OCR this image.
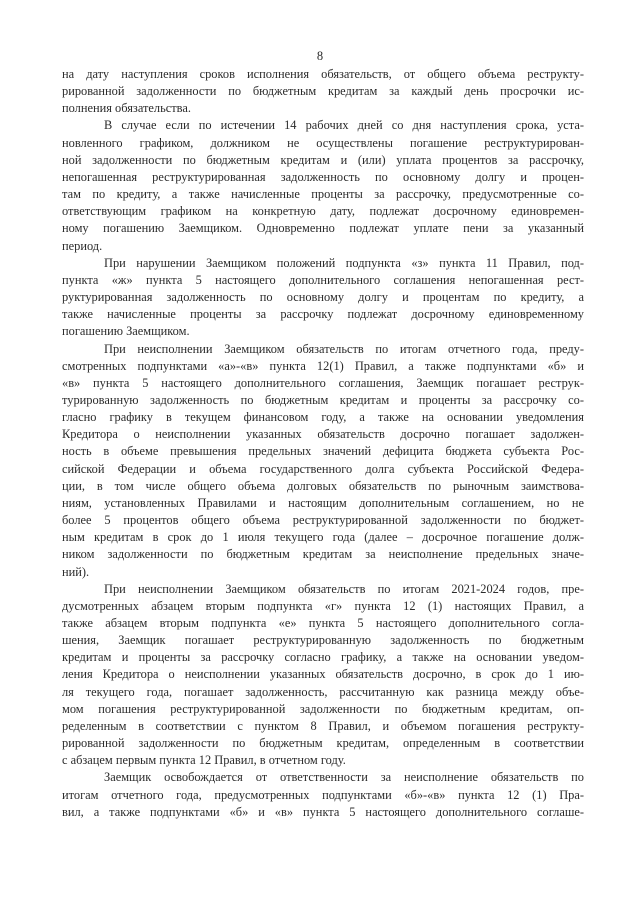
8

на дату наступления сроков исполнения обязательств, от общего объема реструкту-
рированной задолженности по бюджетным кредитам за каждый день просрочки ис-
полнения обязательства.

В случае если по истечении 14 рабочих дней со дня наступления срока, уста-
новленного графиком, должником не осуществлены погашение реструктурирован-
ной задолженности по бюджетным кредитам и (или) уплата процентов за рассрочку,
непогашенная реструктурированная задолженность по основному долгу и процен-
там по кредиту, а также начисленные проценты за рассрочку, предусмотренные со-
ответствующим графиком на конкретную дату, подлежат досрочному единовремен-
ному погашению Заемщиком. Одновременно подлежат уплате пени за указанный
период.

При нарушении Заемщиком положений подпункта «з» пункта 11 Правил, под-
пункта «ж» пункта 5 настоящего дополнительного соглашения непогашенная рест-
руктурированная задолженность по основному долгу и процентам по кредиту, а
также начисленные проценты за рассрочку подлежат досрочному единовременному
погашению Заемщиком.

При неисполнении Заемщиком обязательств по итогам отчетного года, преду-
смотренных подпунктами «а»-«в» пункта 12(1) Правил, а также подпунктами «б» и
«в» пункта 5 настоящего дополнительного соглашения, Заемщик погашает реструк-
турированную задолженность по бюджетным кредитам и проценты за рассрочку со-
гласно графику в текущем финансовом году, а также на основании уведомления
Кредитора о неисполнении указанных обязательств досрочно погашает задолжен-
ность в объеме превышения предельных значений дефицита бюджета субъекта Рос-
сийской Федерации и объема государственного долга субъекта Российской Федера-
ции, в том числе общего объема долговых обязательств по рыночным заимствова-
ниям, установленных Правилами и настоящим дополнительным соглашением, но не
более 5 процентов общего объема реструктурированной задолженности по бюджет-
ным кредитам в срок до 1 июля текущего года (далее – досрочное погашение долж-
ником задолженности по бюджетным кредитам за неисполнение предельных значе-
ний).

При неисполнении Заемщиком обязательств по итогам 2021-2024 годов, пре-
дусмотренных абзацем вторым подпункта «г» пункта 12 (1) настоящих Правил, а
также абзацем вторым подпункта «е» пункта 5 настоящего дополнительного согла-
шения, Заемщик погашает реструктурированную задолженность по бюджетным
кредитам и проценты за рассрочку согласно графику, а также на основании уведом-
ления Кредитора о неисполнении указанных обязательств досрочно, в срок до 1 ию-
ля текущего года, погашает задолженность, рассчитанную как разница между объе-
мом погашения реструктурированной задолженности по бюджетным кредитам, оп-
ределенным в соответствии с пунктом 8 Правил, и объемом погашения реструкту-
рированной задолженности по бюджетным кредитам, определенным в соответствии
с абзацем первым пункта 12 Правил, в отчетном году.

Заемщик освобождается от ответственности за неисполнение обязательств по
итогам отчетного года, предусмотренных подпунктами «б»-«в» пункта 12 (1) Пра-
вил, а также подпунктами «б» и «в» пункта 5 настоящего дополнительного соглаше-
